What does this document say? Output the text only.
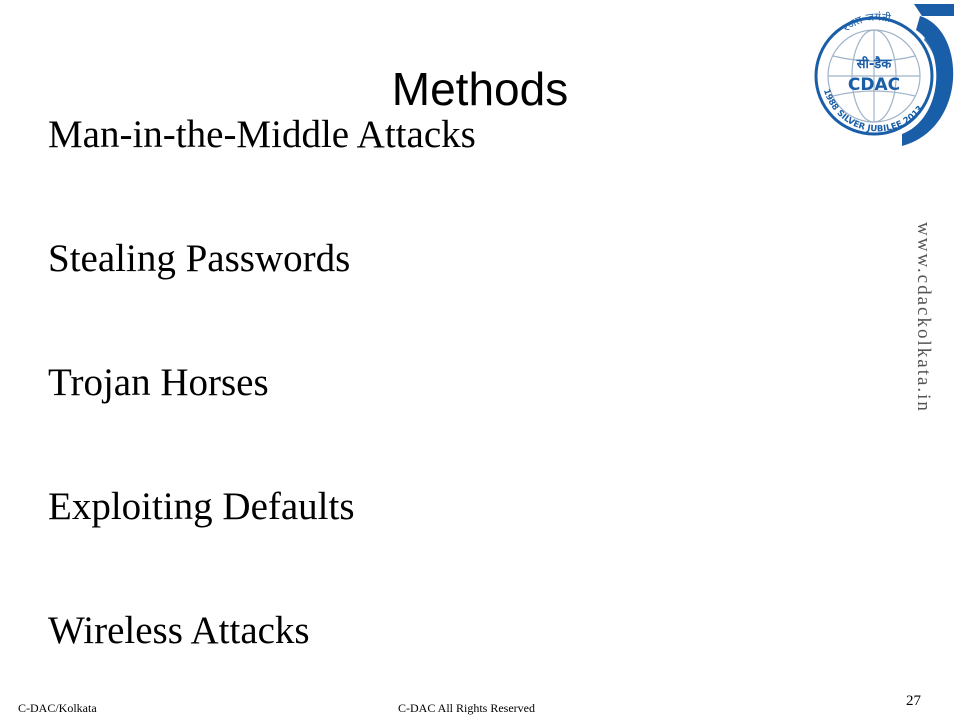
Methods
Man-in-the-Middle Attacks
Stealing Passwords
Trojan Horses
Exploiting Defaults
Wireless Attacks
रजत जयंती
सी-डैक
CDAC
1988 SILVER JUBILEE 2013
www.cdackolkata.in
C-DAC/Kolkata	C-DAC All Rights Reserved	27
